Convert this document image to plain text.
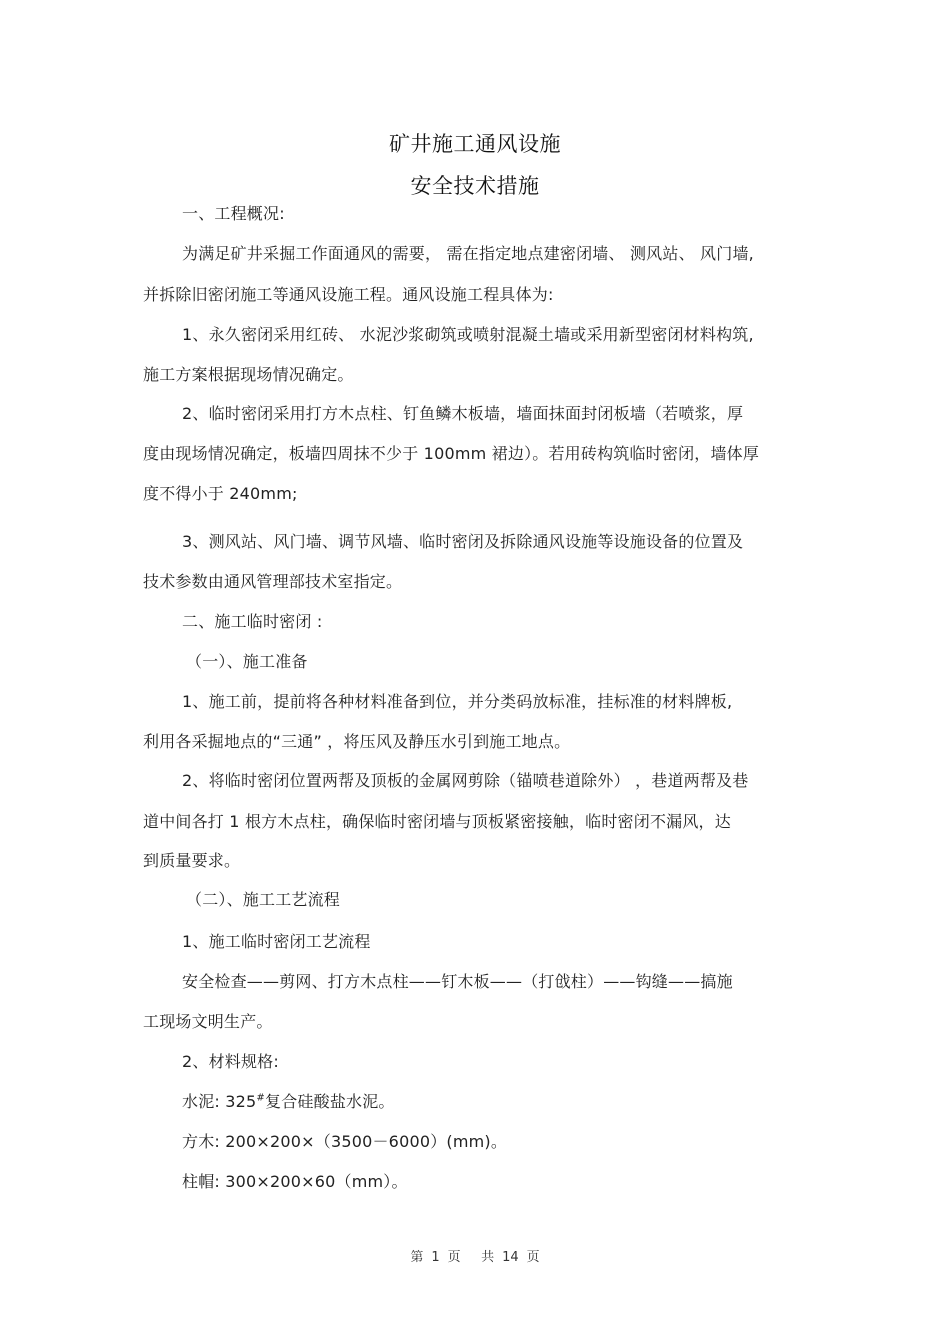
矿井施工通风设施
安全技术措施
一、工程概况:
为满足矿井采掘工作面通风的需要， 需在指定地点建密闭墙、 测风站、 风门墙,
并拆除旧密闭施工等通风设施工程。通风设施工程具体为:
1、永久密闭采用红砖、 水泥沙浆砌筑或喷射混凝土墙或采用新型密闭材料构筑,
施工方案根据现场情况确定。
2、临时密闭采用打方木点柱、钉鱼鳞木板墙，墙面抹面封闭板墙（若喷浆，厚
度由现场情况确定，板墙四周抹不少于 100mm 裙边）。若用砖构筑临时密闭，墙体厚
度不得小于 240mm;
3、测风站、风门墙、调节风墙、临时密闭及拆除通风设施等设施设备的位置及
技术参数由通风管理部技术室指定。
二、施工临时密闭 :
（一）、施工准备
1、施工前，提前将各种材料准备到位，并分类码放标准，挂标准的材料牌板,
利用各采掘地点的“三通” ，将压风及静压水引到施工地点。
2、将临时密闭位置两帮及顶板的金属网剪除（锚喷巷道除外） ，巷道两帮及巷
道中间各打 1 根方木点柱，确保临时密闭墙与顶板紧密接触，临时密闭不漏风，达
到质量要求。
（二）、施工工艺流程
1、施工临时密闭工艺流程
安全检查——剪网、打方木点柱——钉木板——（打戗柱）——钩缝——搞施
工现场文明生产。
2、材料规格:
水泥: 325#复合硅酸盐水泥。
方木: 200×200×（3500－6000）(mm)。
柱帽: 300×200×60（mm）。
第 1 页 共 14 页
